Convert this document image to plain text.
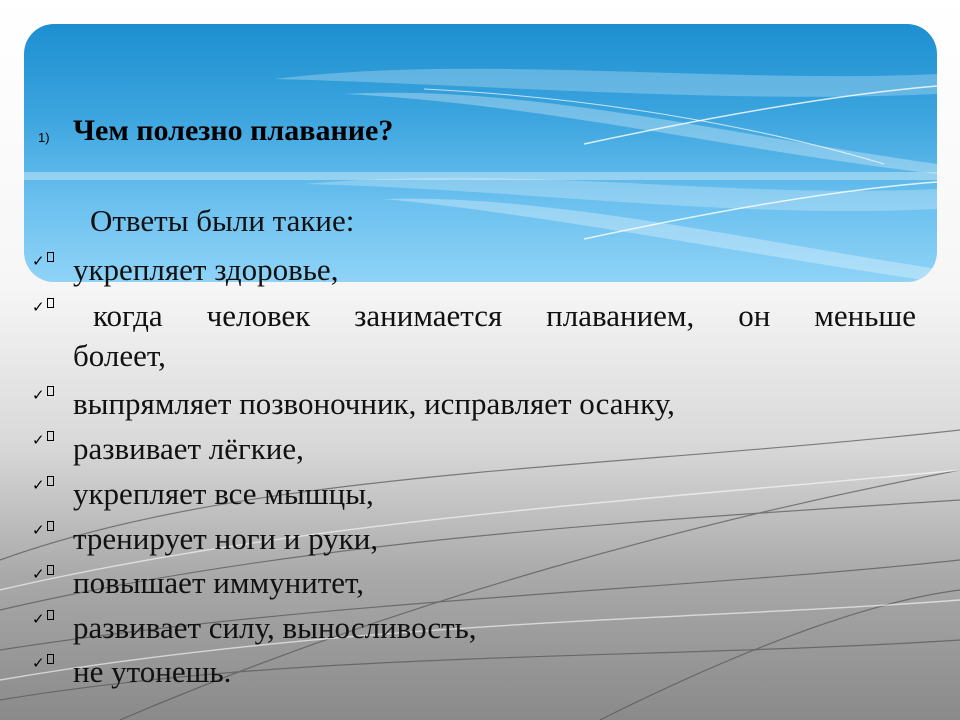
1) Чем полезно плавание?
Ответы были такие:
✓ укрепляет здоровье,
✓	когда человек занимается плаванием, он меньше
болеет,
✓ выпрямляет позвоночник, исправляет осанку,
✓ развивает лёгкие,
✓ укрепляет все мышцы,
✓ тренирует ноги и руки,
✓ повышает иммунитет,
✓ развивает силу, выносливость,
✓ не утонешь.
